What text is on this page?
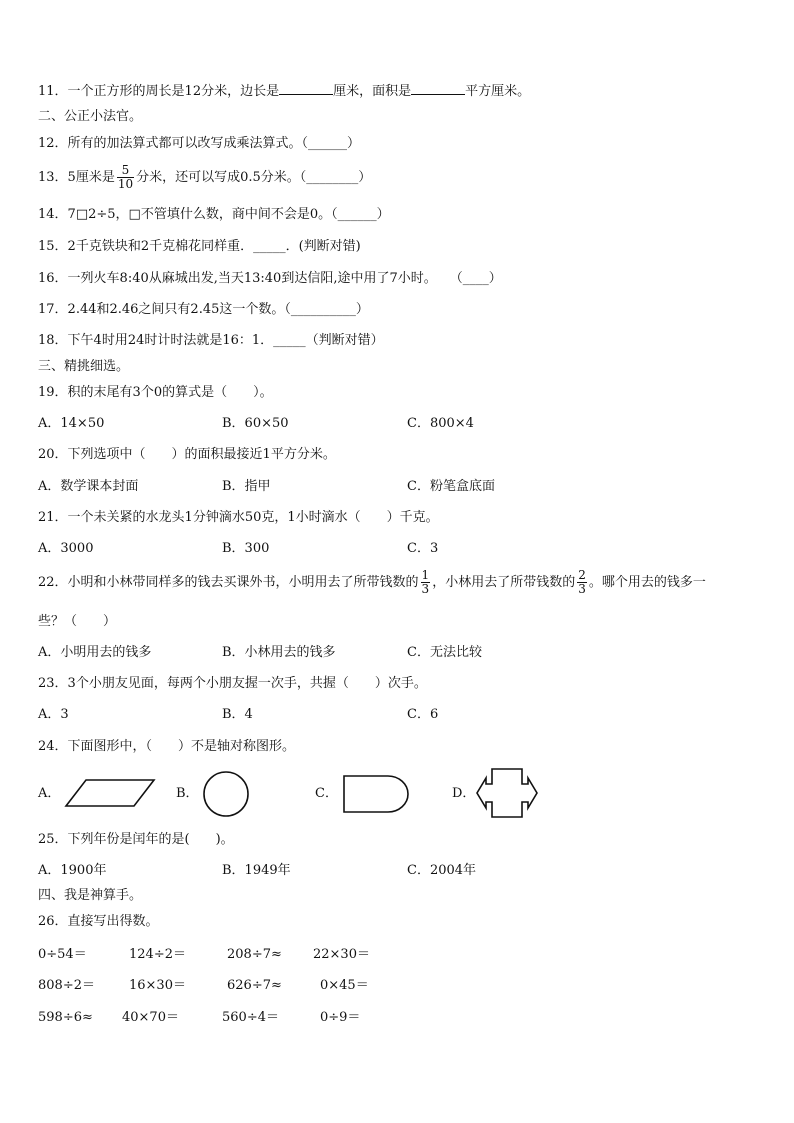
11．一个正方形的周长是12分米，边长是	厘米，面积是	平方厘米。
二、公正小法官。
12．所有的加法算式都可以改写成乘法算式。（______）
13．5厘米是 $\frac{5}{10}$ 分米，还可以写成0.5分米。（________）
14．7□2÷5，□不管填什么数，商中间不会是0。（______）
15．2千克铁块和2千克棉花同样重．_____．(判断对错)
16．一列火车8:40从麻城出发,当天13:40到达信阳,途中用了7小时。　　（____）
17．2.44和2.46之间只有2.45这一个数。（__________）
18．下午4时用24时计时法就是16：1．_____（判断对错）
三、精挑细选。
19．积的末尾有3个0的算式是（　　）。
A．14×50	B．60×50	C．800×4
20．下列选项中（　　）的面积最接近1平方分米。
A．数学课本封面	B．指甲	C．粉笔盒底面
21．一个未关紧的水龙头1分钟滴水50克，1小时滴水（　　）千克。
A．3000	B．300	C．3
22．小明和小林带同样多的钱去买课外书，小明用去了所带钱数的 $\frac{1}{3}$ ，小林用去了所带钱数的 $\frac{2}{3}$ 。哪个用去的钱多一
些？（　　）
A．小明用去的钱多	B．小林用去的钱多	C．无法比较
23．3个小朋友见面，每两个小朋友握一次手，共握（　　）次手。
A．3	B．4	C．6
24．下面图形中，（　　）不是轴对称图形。
A．	B．	C．	D．
25．下列年份是闰年的是(　　)。
A．1900年	B．1949年	C．2004年
四、我是神算手。
26．直接写出得数。
0÷54＝	124÷2＝	208÷7≈ 22×30＝
808÷2＝	16×30＝	626÷7≈	0×45＝
598÷6≈ 40×70＝	560÷4＝	0÷9＝
